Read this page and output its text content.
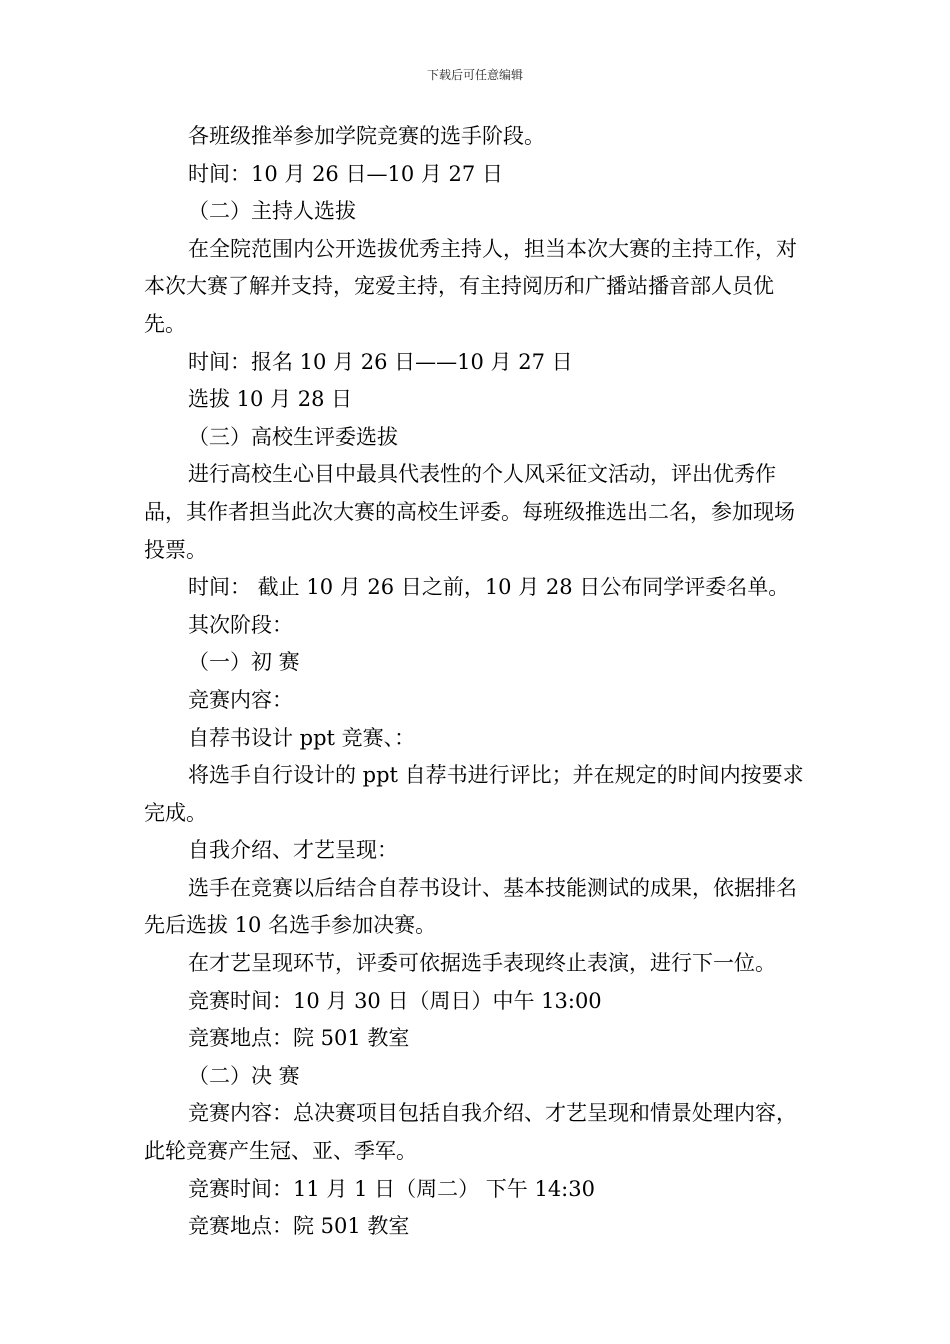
下载后可任意编辑

各班级推举参加学院竞赛的选手阶段。

时间：10 月 26 日—10 月 27 日

（二）主持人选拔

在全院范围内公开选拔优秀主持人，担当本次大赛的主持工作，对本次大赛了解并支持，宠爱主持，有主持阅历和广播站播音部人员优先。

时间：报名 10 月 26 日——10 月 27 日

选拔 10 月 28 日

（三）高校生评委选拔

进行高校生心目中最具代表性的个人风采征文活动，评出优秀作品，其作者担当此次大赛的高校生评委。每班级推选出二名，参加现场投票。

时间： 截止 10 月 26 日之前，10 月 28 日公布同学评委名单。

其次阶段：

（一）初 赛

竞赛内容：

自荐书设计 ppt 竞赛、：

将选手自行设计的 ppt 自荐书进行评比；并在规定的时间内按要求完成。

自我介绍、才艺呈现：

选手在竞赛以后结合自荐书设计、基本技能测试的成果，依据排名先后选拔 10 名选手参加决赛。

在才艺呈现环节，评委可依据选手表现终止表演，进行下一位。

竞赛时间：10 月 30 日（周日）中午 13:00

竞赛地点：院 501 教室

（二）决 赛

竞赛内容：总决赛项目包括自我介绍、才艺呈现和情景处理内容，此轮竞赛产生冠、亚、季军。

竞赛时间：11 月 1 日（周二） 下午 14:30

竞赛地点：院 501 教室
